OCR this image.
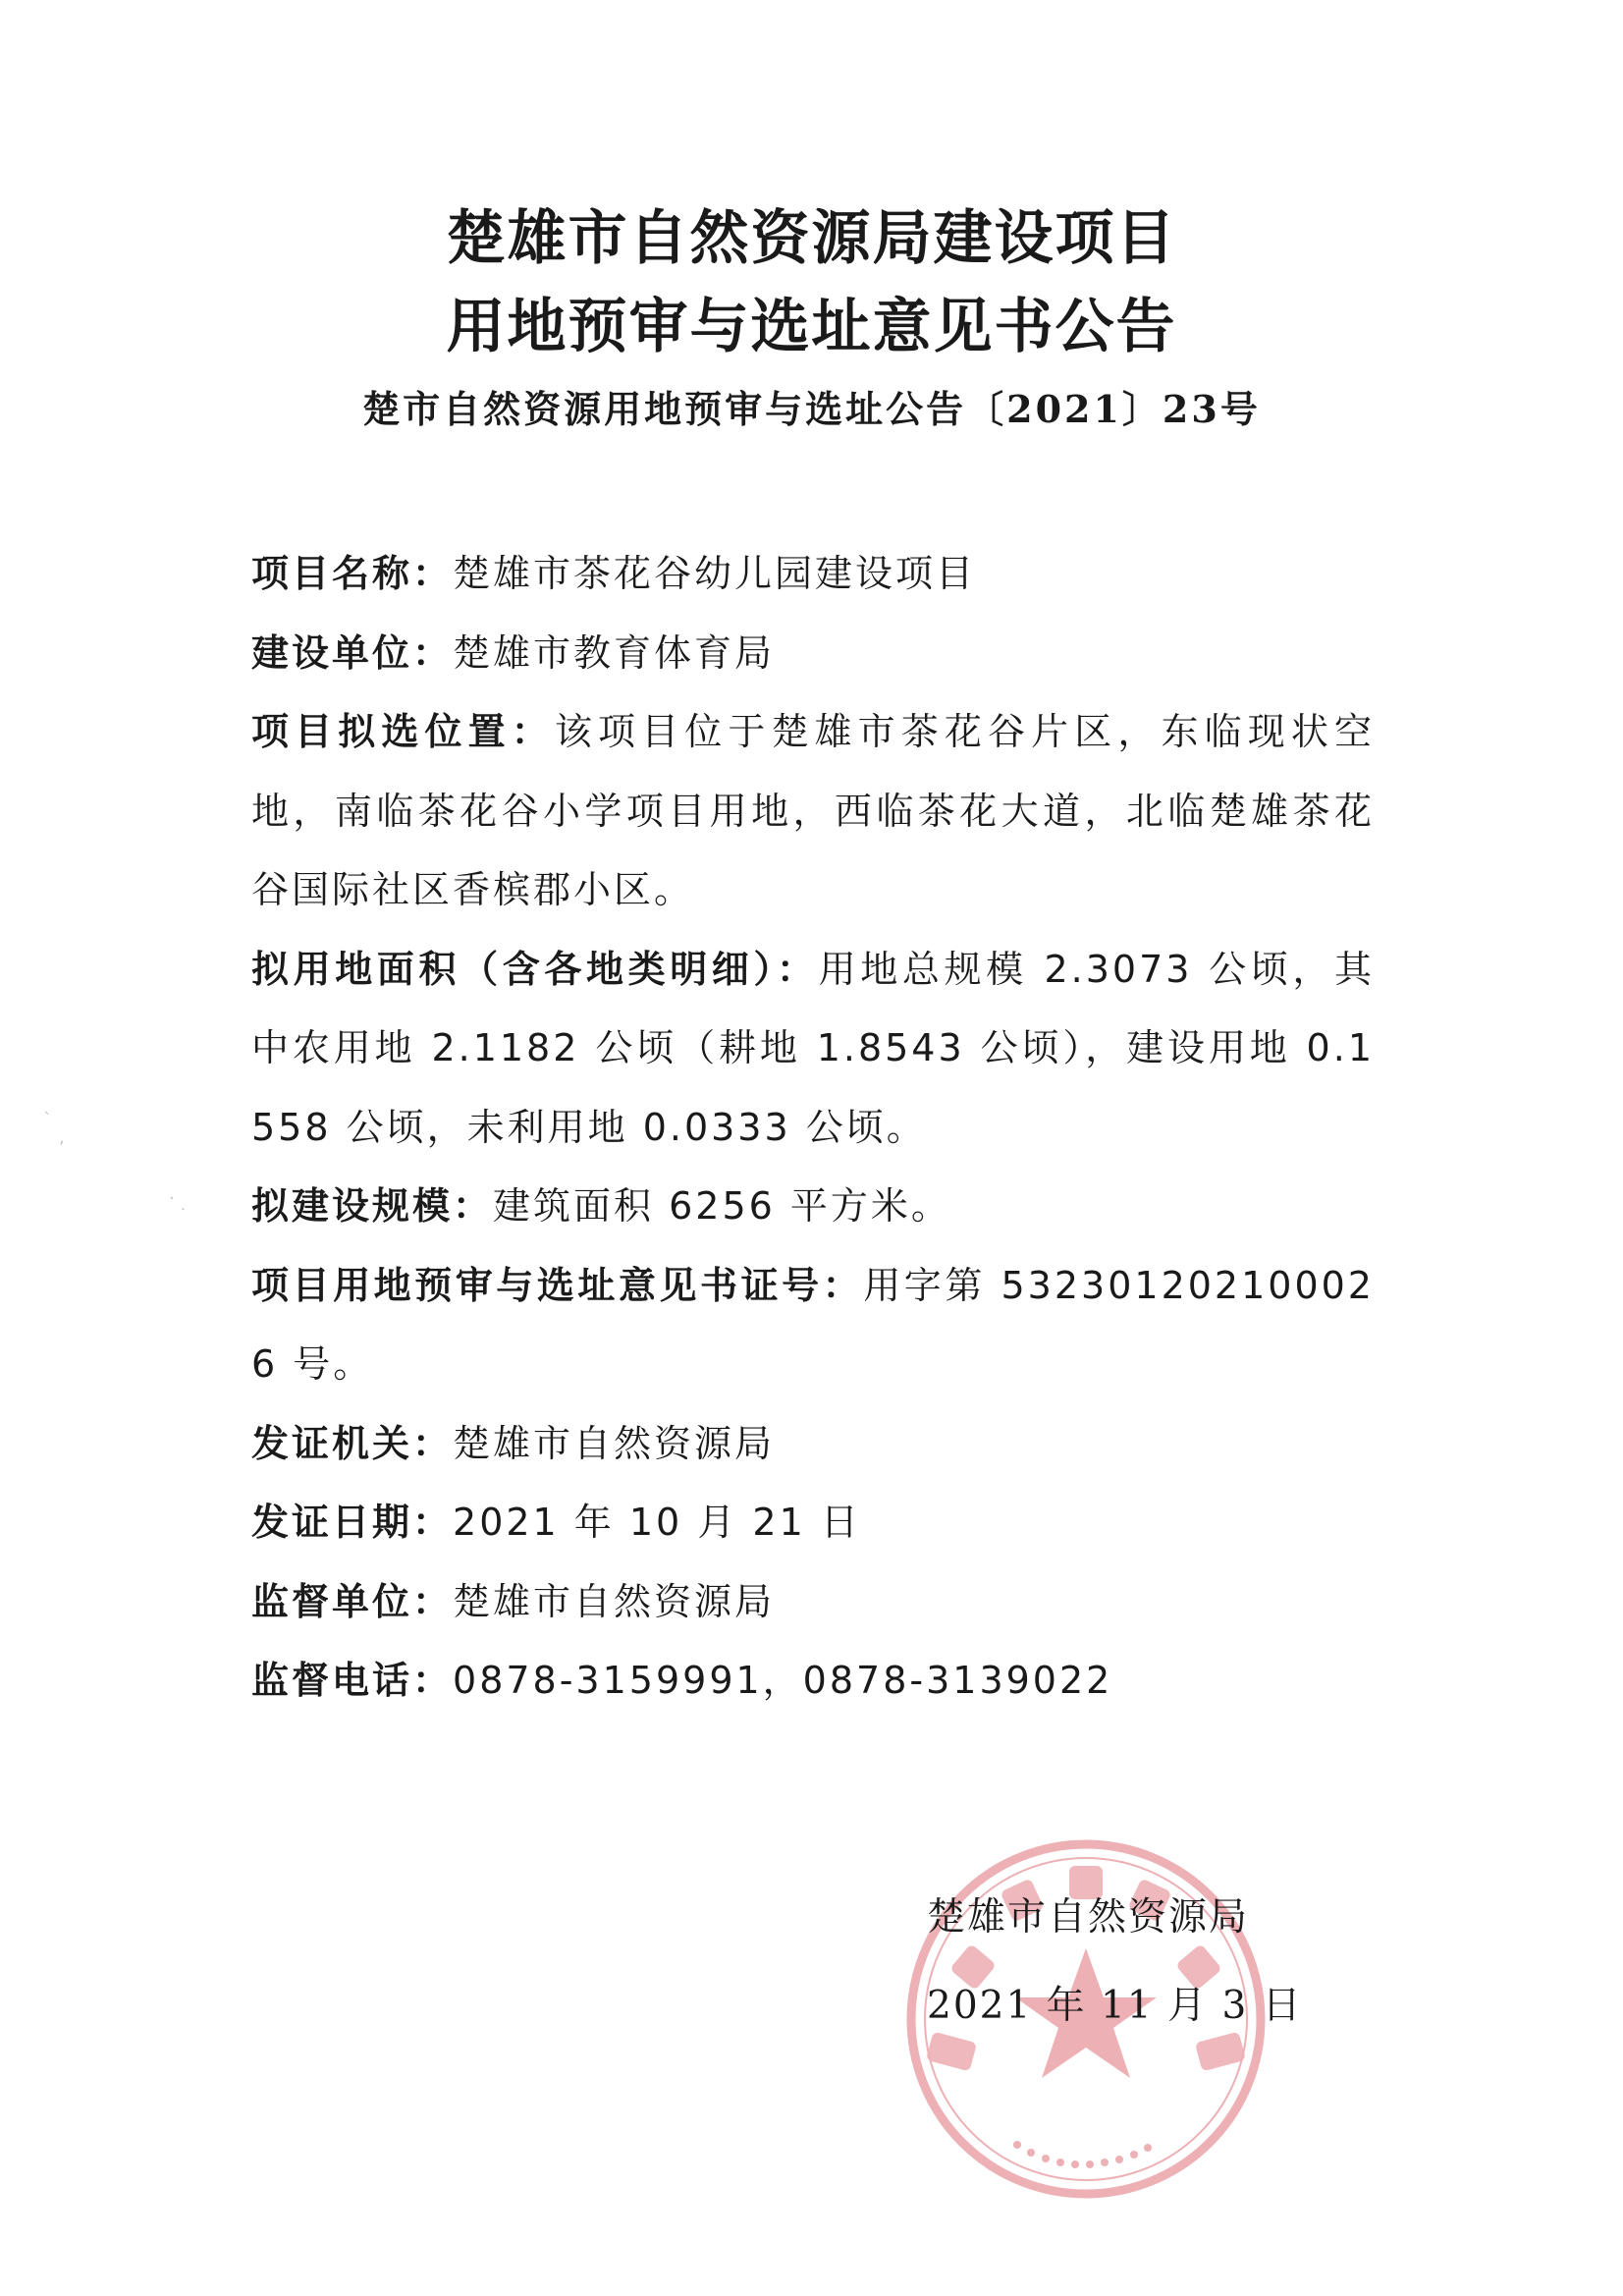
楚雄市自然资源局建设项目
用地预审与选址意见书公告
楚市自然资源用地预审与选址公告〔2021〕23号

项目名称：楚雄市茶花谷幼儿园建设项目

建设单位：楚雄市教育体育局

项目拟选位置：该项目位于楚雄市茶花谷片区，东临现状空地，南临茶花谷小学项目用地，西临茶花大道，北临楚雄茶花谷国际社区香槟郡小区。

拟用地面积（含各地类明细）：用地总规模 2.3073 公顷，其中农用地 2.1182 公顷（耕地 1.8543 公顷），建设用地 0.1558 公顷，未利用地 0.0333 公顷。

拟建设规模：建筑面积 6256 平方米。

项目用地预审与选址意见书证号：用字第 532301202100026 号。

发证机关：楚雄市自然资源局

发证日期：2021 年 10 月 21 日

监督单位：楚雄市自然资源局

监督电话：0878-3159991，0878-3139022

楚雄市自然资源局
2021 年 11 月 3 日
ˋ
,
·
˙
